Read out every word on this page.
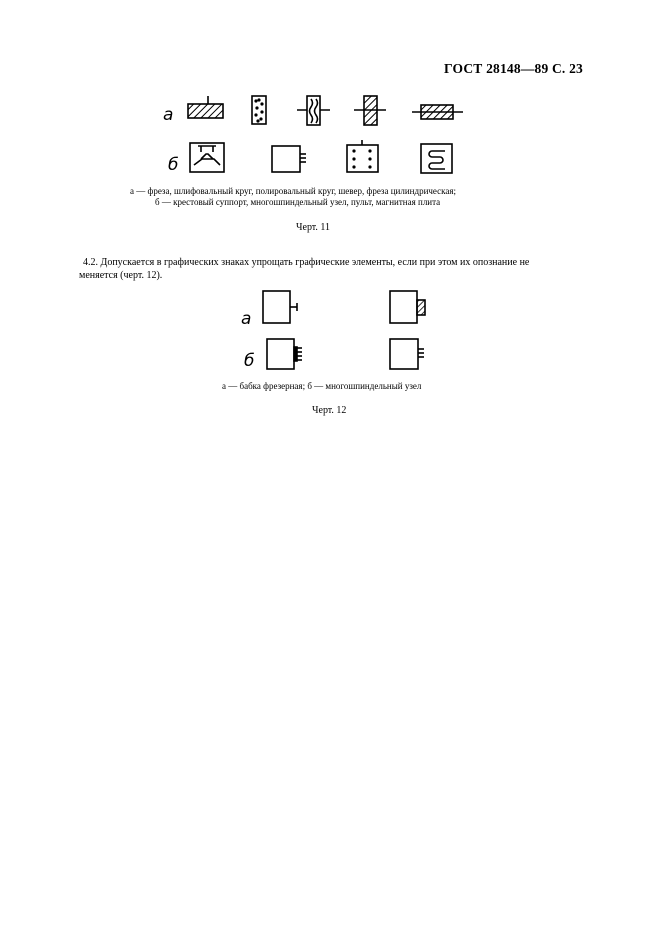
ГОСТ 28148—89 С. 23
а
б
а — фреза, шлифовальный круг, полировальный круг, шевер, фреза цилиндрическая;
б — крестовый суппорт, многошпиндельный узел, пульт, магнитная плита
Черт. 11
4.2. Допускается в графических знаках упрощать графические элементы, если при этом их опознание не
меняется (черт. 12).
а
б
а — бабка фрезерная; б — многошпиндельный узел
Черт. 12
